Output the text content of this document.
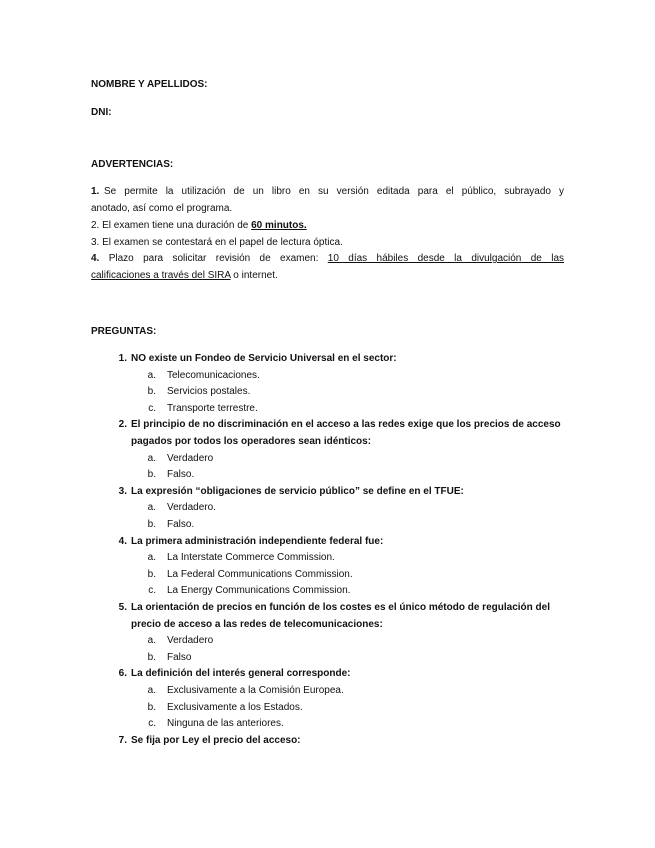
NOMBRE Y APELLIDOS:
DNI:
ADVERTENCIAS:
1. Se permite la utilización de un libro en su versión editada para el público, subrayado y
anotado, así como el programa.
2. El examen tiene una duración de 60 minutos.
3. El examen se contestará en el papel de lectura óptica.
4. Plazo para solicitar revisión de examen: 10 días hábiles desde la divulgación de las
calificaciones a través del SIRA o internet.
PREGUNTAS:
1. NO existe un Fondeo de Servicio Universal en el sector:
a. Telecomunicaciones.
b. Servicios postales.
c. Transporte terrestre.
2. El principio de no discriminación en el acceso a las redes exige que los precios de acceso
pagados por todos los operadores sean idénticos:
a. Verdadero
b. Falso.
3. La expresión “obligaciones de servicio público” se define en el TFUE:
a. Verdadero.
b. Falso.
4. La primera administración independiente federal fue:
a. La Interstate Commerce Commission.
b. La Federal Communications Commission.
c. La Energy Communications Commission.
5. La orientación de precios en función de los costes es el único método de regulación del
precio de acceso a las redes de telecomunicaciones:
a. Verdadero
b. Falso
6. La definición del interés general corresponde:
a. Exclusivamente a la Comisión Europea.
b. Exclusivamente a los Estados.
c. Ninguna de las anteriores.
7. Se fija por Ley el precio del acceso:
